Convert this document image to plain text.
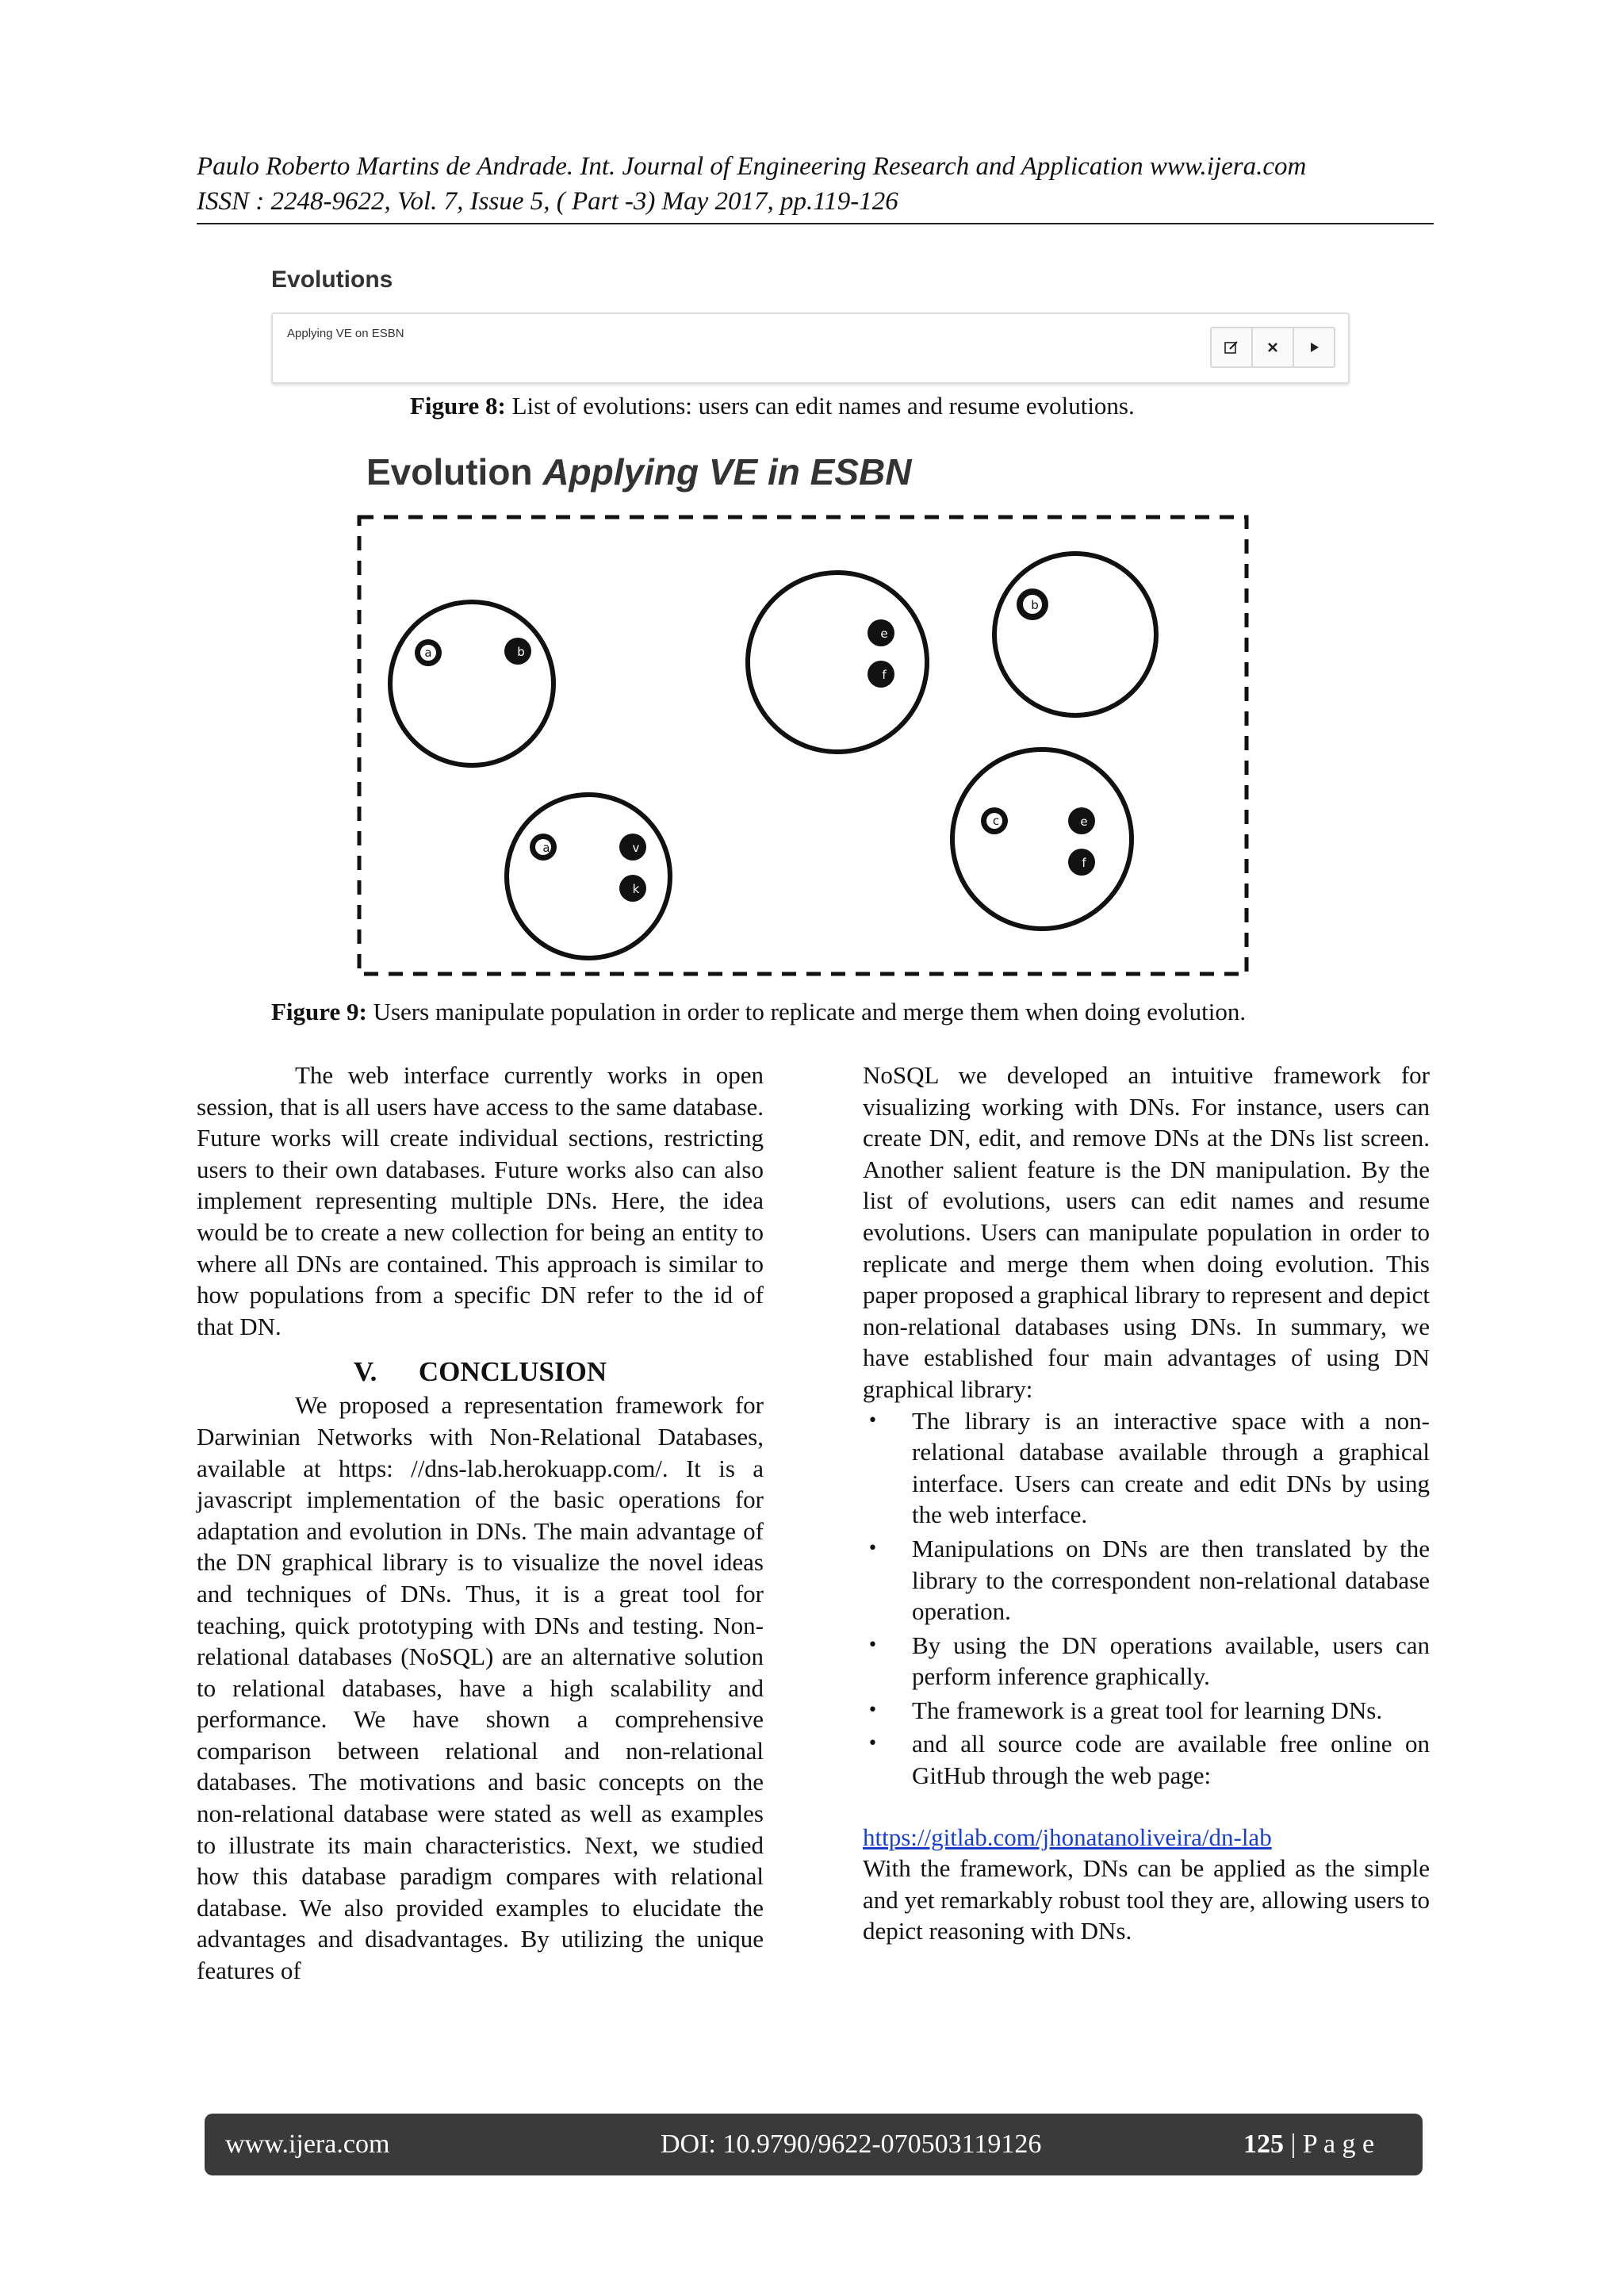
Paulo Roberto Martins de Andrade. Int. Journal of Engineering Research and Application www.ijera.com
ISSN : 2248-9622, Vol. 7, Issue 5, ( Part -3) May 2017, pp.119-126
Evolutions
Applying VE on ESBN
Figure 8: List of evolutions: users can edit names and resume evolutions.
Evolution Applying VE in ESBN
a	b
e
f
b
a	v
k
c	e
f
Figure 9: Users manipulate population in order to replicate and merge them when doing evolution.

The web interface currently works in open session, that is all users have access to the same database. Future works will create individual sections, restricting users to their own databases. Future works also can also implement representing multiple DNs. Here, the idea would be to create a new collection for being an entity to where all DNs are contained. This approach is similar to how populations from a specific DN refer to the id of that DN.

V.      CONCLUSION

We proposed a representation framework for Darwinian Networks with Non-Relational Databases, available at https: //dns-lab.herokuapp.com/. It is a javascript implementation of the basic operations for adaptation and evolution in DNs. The main advantage of the DN graphical library is to visualize the novel ideas and techniques of DNs. Thus, it is a great tool for teaching, quick prototyping with DNs and testing. Non-relational databases (NoSQL) are an alternative solution to relational databases, have a high scalability and performance. We have shown a comprehensive comparison between relational and non-relational databases. The motivations and basic concepts on the non-relational database were stated as well as examples to illustrate its main characteristics. Next, we studied how this database paradigm compares with relational database. We also provided examples to elucidate the advantages and disadvantages. By utilizing the unique features of

NoSQL we developed an intuitive framework for visualizing working with DNs. For instance, users can create DN, edit, and remove DNs at the DNs list screen. Another salient feature is the DN manipulation. By the list of evolutions, users can edit names and resume evolutions. Users can manipulate population in order to replicate and merge them when doing evolution. This paper proposed a graphical library to represent and depict non-relational databases using DNs. In summary, we have established four main advantages of using DN graphical library:

• The library is an interactive space with a non-relational database available through a graphical interface. Users can create and edit DNs by using the web interface.
• Manipulations on DNs are then translated by the library to the correspondent non-relational database operation.
• By using the DN operations available, users can perform inference graphically.
• The framework is a great tool for learning DNs.
• and all source code are available free online on GitHub through the web page:

https://gitlab.com/jhonatanoliveira/dn-lab

With the framework, DNs can be applied as the simple and yet remarkably robust tool they are, allowing users to depict reasoning with DNs.

www.ijera.com	DOI: 10.9790/9622-070503119126	125 | P a g e
